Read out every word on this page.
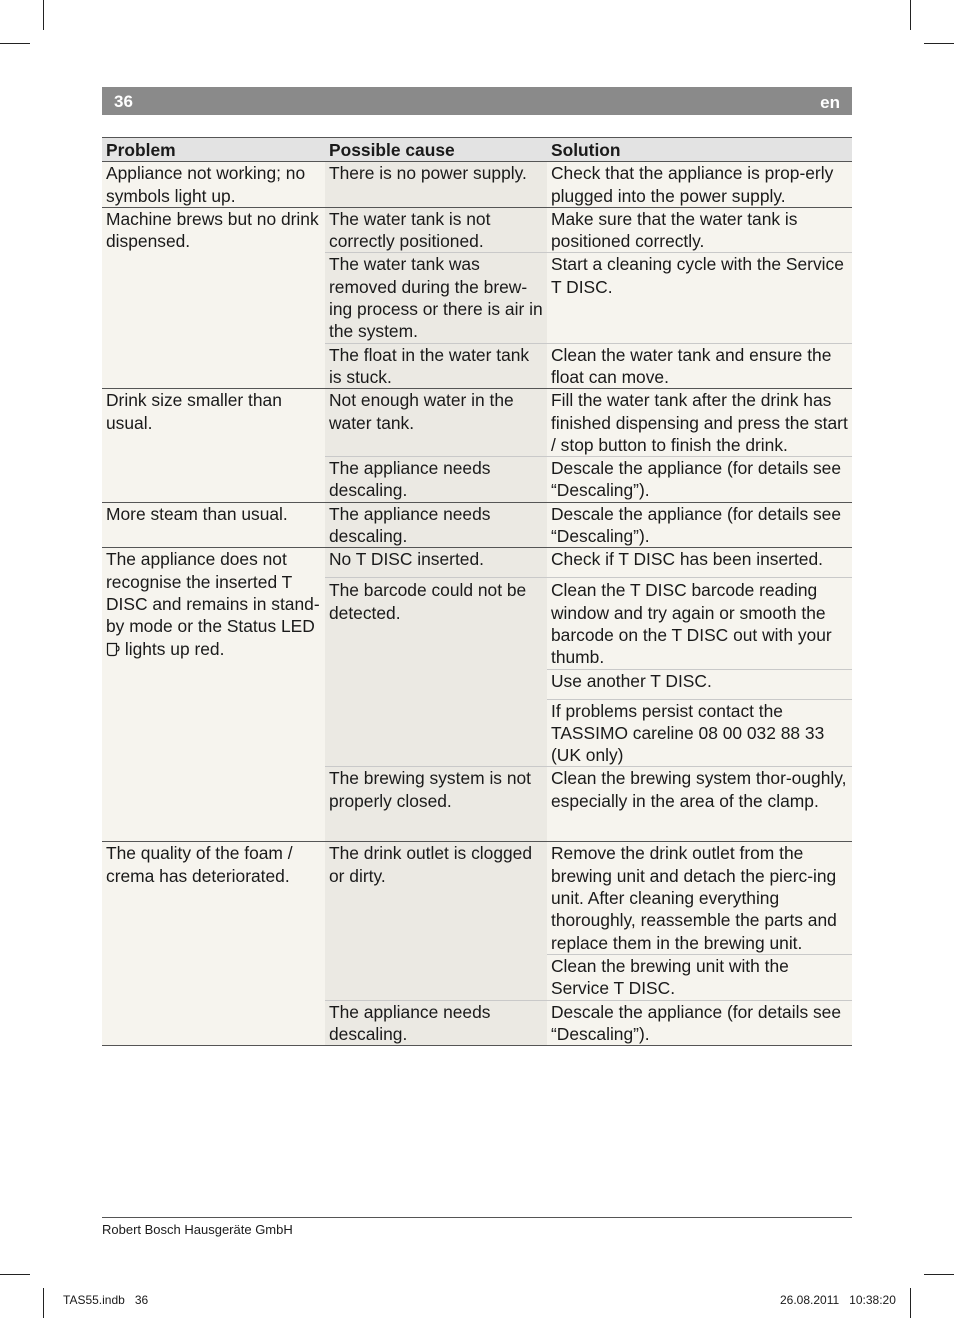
36	en
Problem	Possible cause	Solution
Appliance not working; no symbols light up.	There is no power supply.	Check that the appliance is prop-erly plugged into the power supply.
Machine brews but no drink dispensed.	The water tank is not correctly positioned.	Make sure that the water tank is positioned correctly.
	The water tank was removed during the brew-ing process or there is air in the system.	Start a cleaning cycle with the Service T DISC.
	The float in the water tank is stuck.	Clean the water tank and ensure the float can move.
Drink size smaller than usual.	Not enough water in the water tank.	Fill the water tank after the drink has finished dispensing and press the start / stop button to finish the drink.
	The appliance needs descaling.	Descale the appliance (for details see “Descaling”).
More steam than usual.	The appliance needs descaling.	Descale the appliance (for details see “Descaling”).
The appliance does not recognise the inserted T DISC and remains in stand-by mode or the Status LED  lights up red.	No T DISC inserted.	Check if T DISC has been inserted.
	The barcode could not be detected.	Clean the T DISC barcode reading window and try again or smooth the barcode on the T DISC out with your thumb.
		Use another T DISC.
		If problems persist contact the TASSIMO careline 08 00 032 88 33 (UK only)
	The brewing system is not properly closed.	Clean the brewing system thor-oughly, especially in the area of the clamp.
The quality of the foam / crema has deteriorated.	The drink outlet is clogged or dirty.	Remove the drink outlet from the brewing unit and detach the pierc-ing unit. After cleaning everything thoroughly, reassemble the parts and replace them in the brewing unit.
		Clean the brewing unit with the Service T DISC.
	The appliance needs descaling.	Descale the appliance (for details see “Descaling”).
Robert Bosch Hausgeräte GmbH
TAS55.indb   36	26.08.2011   10:38:20
